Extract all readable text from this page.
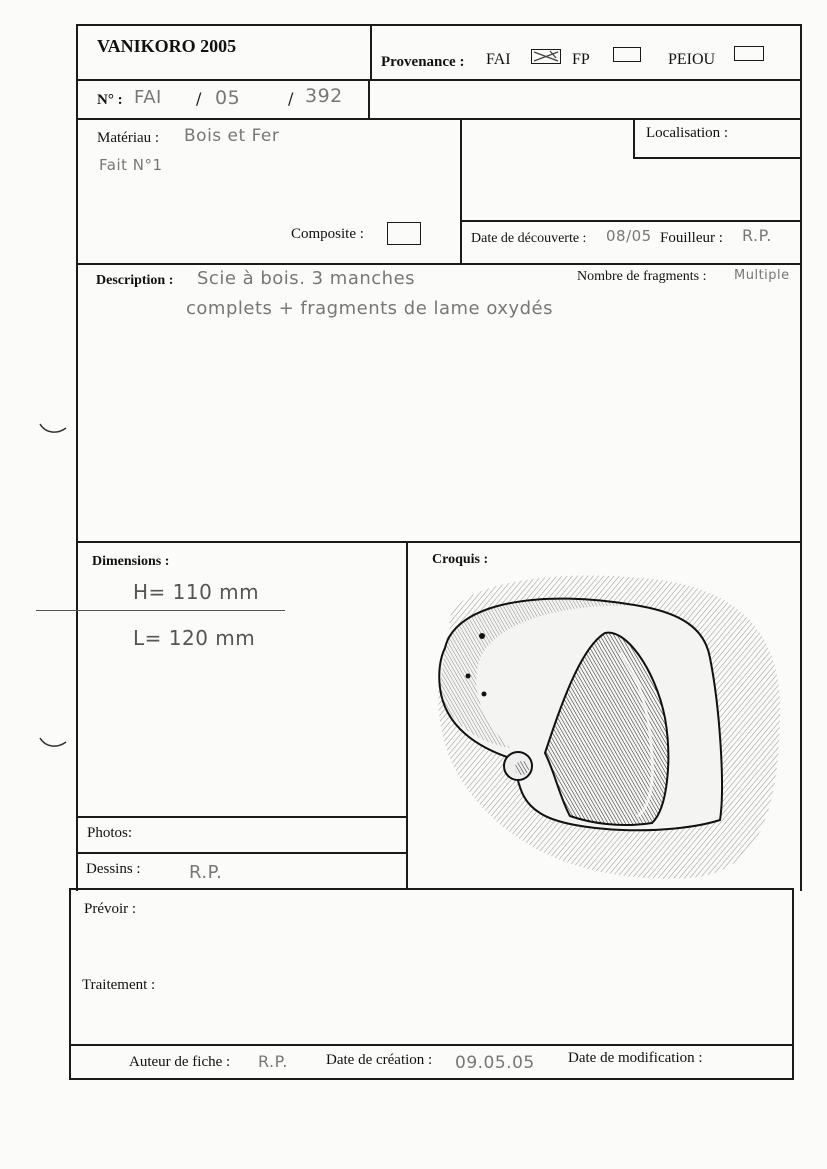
VANIKORO 2005
Provenance : FAI	FP	PEIOU
N° : FAI / 05	/ 392
Matériau : Bois et Fer
Fait N°1
Composite :
Localisation :
Date de découverte : 08/05 Fouilleur : R.P.
Description : Scie à bois. 3 manches
complets + fragments de lame oxydés
Nombre de fragments : Multiple
Dimensions :
H= 110 mm
L= 120 mm
Croquis :
Photos:
Dessins :	R.P.
Prévoir :
Traitement :
Auteur de fiche : R.P.	Date de création : 09.05.05 Date de modification :
